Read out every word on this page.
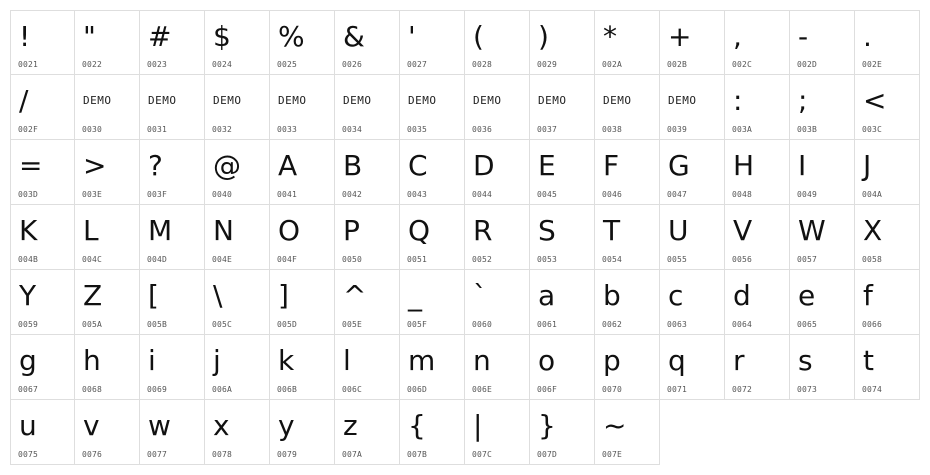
!
0021
"
0022
#
0023
$
0024
%
0025
&
0026
'
0027
(
0028
)
0029
*
002A
+
002B
,
002C
-
002D
.
002E
/
002F
DEMO
0030
DEMO
0031
DEMO
0032
DEMO
0033
DEMO
0034
DEMO
0035
DEMO
0036
DEMO
0037
DEMO
0038
DEMO
0039
:
003A
;
003B
<
003C
=
003D
>
003E
?
003F
@
0040
A
0041
B
0042
C
0043
D
0044
E
0045
F
0046
G
0047
H
0048
I
0049
J
004A
K
004B
L
004C
M
004D
N
004E
O
004F
P
0050
Q
0051
R
0052
S
0053
T
0054
U
0055
V
0056
W
0057
X
0058
Y
0059
Z
005A
[
005B
\
005C
]
005D
^
005E
_
005F
`
0060
a
0061
b
0062
c
0063
d
0064
e
0065
f
0066
g
0067
h
0068
i
0069
j
006A
k
006B
l
006C
m
006D
n
006E
o
006F
p
0070
q
0071
r
0072
s
0073
t
0074
u
0075
v
0076
w
0077
x
0078
y
0079
z
007A
{
007B
|
007C
}
007D
~
007E
